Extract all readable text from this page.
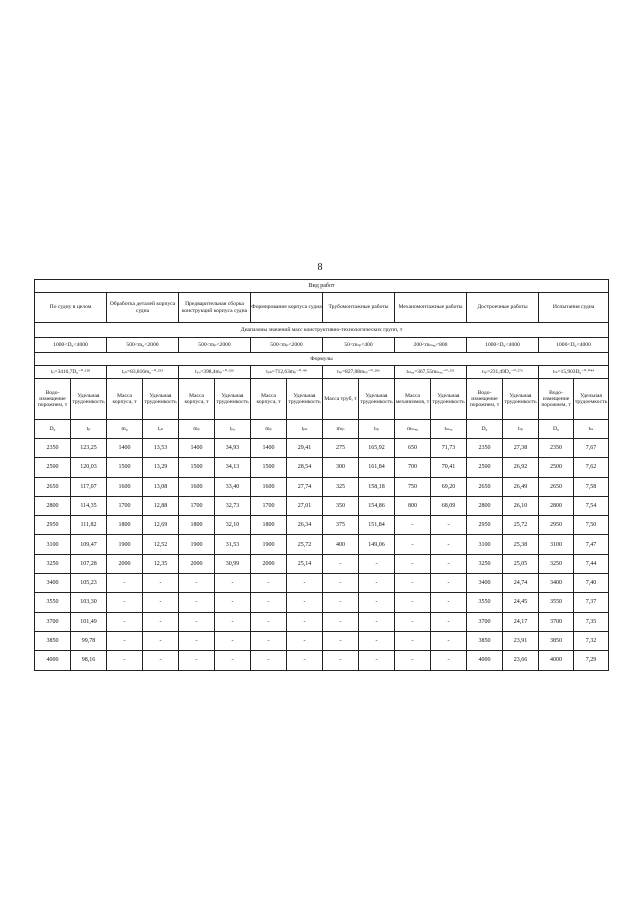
8
Вид работ															
По судну в целом		Обработка деталей корпуса судна		Предварительная сборка конструкций корпуса судна		Формирование корпуса судна		Трубомонтажные работы		Механомонтажные работы		Достроечные работы		Испытания судна	
Диапазоны значений масс конструктивно-технологических групп, т															
1000<D₀<4000		500<m₀<2000		500<mₚ<2000		500<mₚ<2000		50<mₜₚ<400		200<mₘₑₓ<800		1000<D₀<4000		1000<D₀<4000	
Формулы															
tₚ=3416,7D₀⁻⁰·¹²⁸		tₒₕ=83,816m₀⁻⁰·²⁵⁵		tₚₒ=398,4mₚ⁻⁰·³²⁶		tₚₖ=712,63mₚ⁻⁰·⁴⁴		tₜₚ=827,08mₜₚ⁻⁰·²⁸⁶		tₘₑₓ=367,55mₘₑₓ⁻⁰·²⁵¹		tₗₚ=231,49D₀⁻⁰·²⁷⁵		tₜₛ=15,903D₀⁻⁰·⁰⁴⁴	
Водо-измещение порожнем, т	Удельная трудоемкость	Масса корпуса, т	Удельная трудоемкость	Масса корпуса, т	Удельная трудоемкость	Масса корпуса, т	Удельная трудоемкость	Масса труб, т	Удельная трудоемкость	Масса механизмов, т	Удельная трудоемкость	Водо-измещение порожнем, т	Удельная трудоемкость	Водо-измещение порожнем, т	Удельная трудоемкость
D₀	tₚ	m₀	tₒₕ	mₚ	tₚₒ	mₚ	tₚₖ	mₜₚ	tₜₚ	mₘₑₓ	tₘₑₓ	D₀	tₗₚ	D₀	tₜₛ
2350	123,25	1400	13,53	1400	34,93	1400	29,41	275	165,92	650	71,73	2350	27,38	2350	7,67
2500	120,03	1500	13,29	1500	34,13	1500	28,54	300	161,84	700	70,41	2500	26,92	2500	7,62
2650	117,07	1600	13,08	1600	33,40	1600	27,74	325	158,18	750	69,20	2650	26,49	2650	7,58
2800	114,35	1700	12,88	1700	32,73	1700	27,01	350	154,86	800	68,09	2800	26,10	2800	7,54
2950	111,82	1800	12,69	1800	32,10	1800	26,34	375	151,84	-	-	2950	25,72	2950	7,50
3100	109,47	1900	12,52	1900	31,53	1900	25,72	400	149,06	-	-	3100	25,38	3100	7,47
3250	107,28	2000	12,35	2000	30,99	2000	25,14	-	-	-	-	3250	25,05	3250	7,44
3400	105,23	-	-	-	-	-	-	-	-	-	-	3400	24,74	3400	7,40
3550	103,30	-	-	-	-	-	-	-	-	-	-	3550	24,45	3550	7,37
3700	101,49	-	-	-	-	-	-	-	-	-	-	3700	24,17	3700	7,35
3850	99,78	-	-	-	-	-	-	-	-	-	-	3850	23,91	3850	7,32
4000	98,16	-	-	-	-	-	-	-	-	-	-	4000	23,66	4000	7,29
